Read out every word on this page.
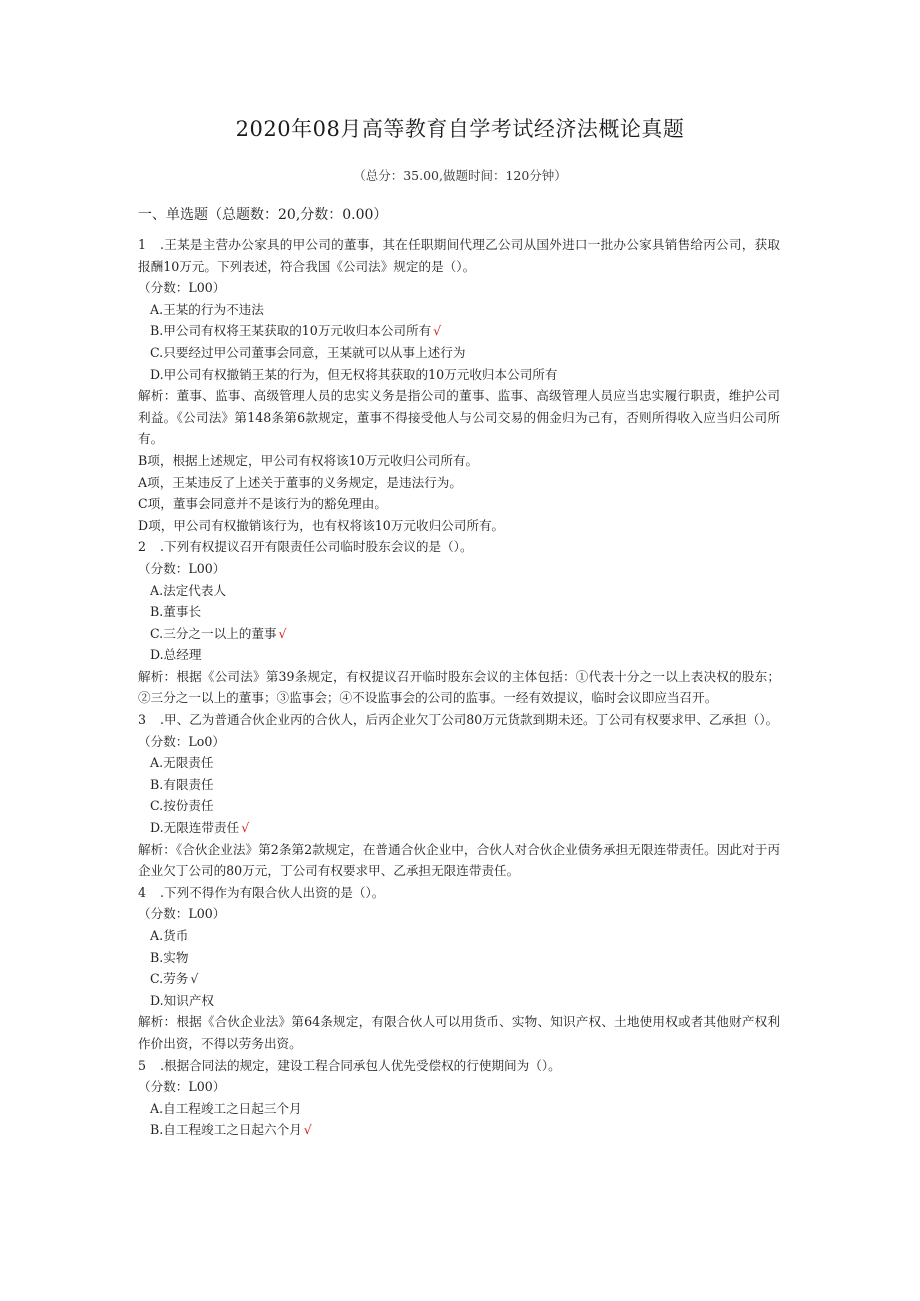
2020年08月高等教育自学考试经济法概论真题
（总分：35.00,做题时间：120分钟）
一、单选题（总题数：20,分数：0.00）
1 .王某是主营办公家具的甲公司的董事，其在任职期间代理乙公司从国外进口一批办公家具销售给丙公司，获取报酬10万元。下列表述，符合我国《公司法》规定的是（）。
（分数：L00）
A.王某的行为不违法
B.甲公司有权将王某获取的10万元收归本公司所有 √
C.只要经过甲公司董事会同意，王某就可以从事上述行为
D.甲公司有权撤销王某的行为，但无权将其获取的10万元收归本公司所有
解析：董事、监事、高级管理人员的忠实义务是指公司的董事、监事、高级管理人员应当忠实履行职责，维护公司利益。《公司法》第148条第6款规定，董事不得接受他人与公司交易的佣金归为己有，否则所得收入应当归公司所有。
B项，根据上述规定，甲公司有权将该10万元收归公司所有。
A项，王某违反了上述关于董事的义务规定，是违法行为。
C项，董事会同意并不是该行为的豁免理由。
D项，甲公司有权撤销该行为，也有权将该10万元收归公司所有。
2 .下列有权提议召开有限责任公司临时股东会议的是（）。
（分数：L00）
A.法定代表人
B.董事长
C.三分之一以上的董事 √
D.总经理
解析：根据《公司法》第39条规定，有权提议召开临时股东会议的主体包括：①代表十分之一以上表决权的股东；②三分之一以上的董事；③监事会；④不设监事会的公司的监事。一经有效提议，临时会议即应当召开。
3 .甲、乙为普通合伙企业丙的合伙人，后丙企业欠丁公司80万元货款到期未还。丁公司有权要求甲、乙承担（）。
（分数：Lo0）
A.无限责任
B.有限责任
C.按份责任
D.无限连带责任 √
解析：《合伙企业法》第2条第2款规定，在普通合伙企业中，合伙人对合伙企业债务承担无限连带责任。因此对于丙企业欠丁公司的80万元，丁公司有权要求甲、乙承担无限连带责任。
4 .下列不得作为有限合伙人出资的是（）。
（分数：L00）
A.货币
B.实物
C.劳务 √
D.知识产权
解析：根据《合伙企业法》第64条规定，有限合伙人可以用货币、实物、知识产权、土地使用权或者其他财产权利作价出资，不得以劳务出资。
5 .根据合同法的规定，建设工程合同承包人优先受偿权的行使期间为（）。
（分数：L00）
A.自工程竣工之日起三个月
B.自工程竣工之日起六个月 √
